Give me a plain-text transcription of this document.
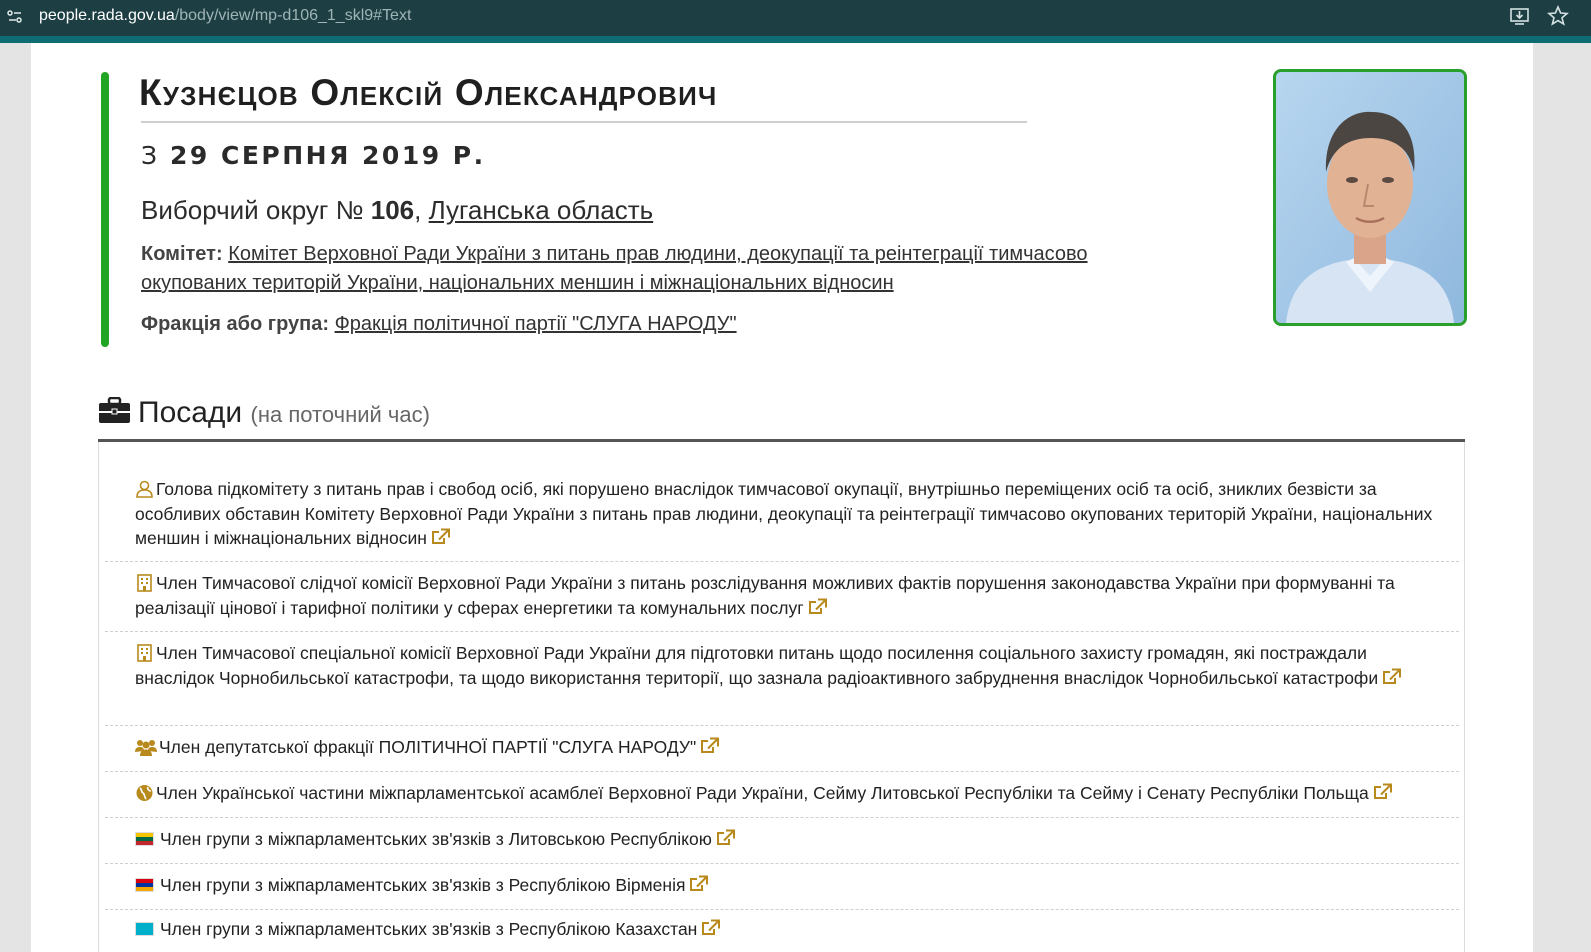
people.rada.gov.ua/body/view/mp-d106_1_skl9#Text
Кузнєцов Олексій Олександрович
З 29 СЕРПНЯ 2019 Р.
Виборчий округ № 106, Луганська область
Комітет: Комітет Верховної Ради України з питань прав людини, деокупації та реінтеграції тимчасово окупованих територій України, національних меншин і міжнаціональних відносин
Фракція або група: Фракція політичної партії "СЛУГА НАРОДУ"
Посади (на поточний час)
Голова підкомітету з питань прав і свобод осіб, які порушено внаслідок тимчасової окупації, внутрішньо переміщених осіб та осіб, зниклих безвісти за особливих обставин Комітету Верховної Ради України з питань прав людини, деокупації та реінтеграції тимчасово окупованих територій України, національних меншин і міжнаціональних відносин
Член Тимчасової слідчої комісії Верховної Ради України з питань розслідування можливих фактів порушення законодавства України при формуванні та реалізації цінової і тарифної політики у сферах енергетики та комунальних послуг
Член Тимчасової спеціальної комісії Верховної Ради України для підготовки питань щодо посилення соціального захисту громадян, які постраждали внаслідок Чорнобильської катастрофи, та щодо використання території, що зазнала радіоактивного забруднення внаслідок Чорнобильської катастрофи
Член депутатської фракції ПОЛІТИЧНОЇ ПАРТІЇ "СЛУГА НАРОДУ"
Член Української частини міжпарламентської асамблеї Верховної Ради України, Сейму Литовської Республіки та Сейму і Сенату Республіки Польща
Член групи з міжпарламентських зв'язків з Литовською Республікою
Член групи з міжпарламентських зв'язків з Республікою Вірменія
Член групи з міжпарламентських зв'язків з Республікою Казахстан
